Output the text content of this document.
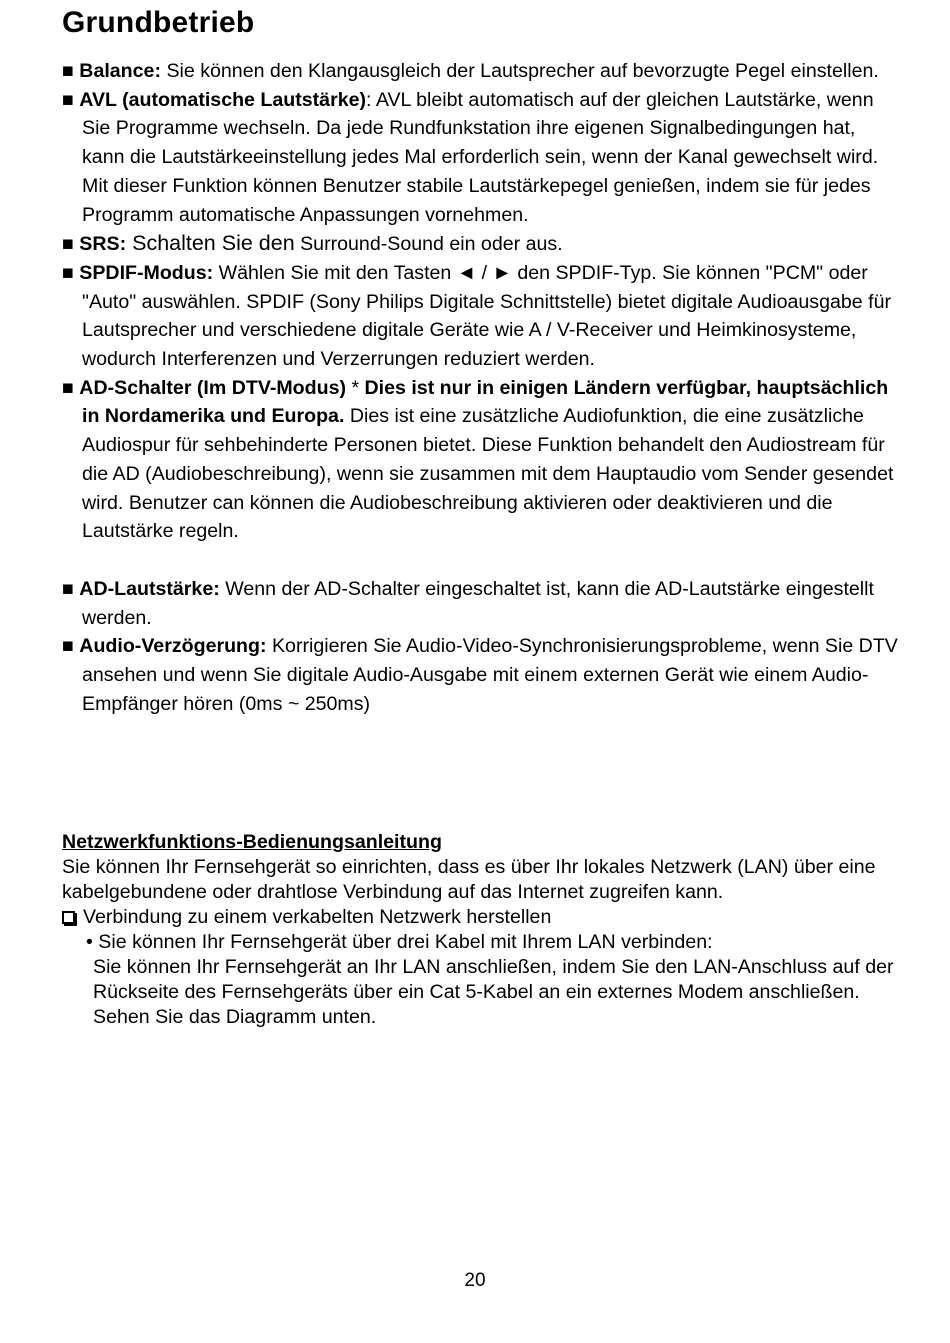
Grundbetrieb
■ Balance: Sie können den Klangausgleich der Lautsprecher auf bevorzugte Pegel einstellen.
■ AVL (automatische Lautstärke): AVL bleibt automatisch auf der gleichen Lautstärke, wenn Sie Programme wechseln. Da jede Rundfunkstation ihre eigenen Signalbedingungen hat, kann die Lautstärkeeinstellung jedes Mal erforderlich sein, wenn der Kanal gewechselt wird. Mit dieser Funktion können Benutzer stabile Lautstärkepegel genießen, indem sie für jedes Programm automatische Anpassungen vornehmen.
■ SRS: Schalten Sie den Surround-Sound ein oder aus.
■ SPDIF-Modus: Wählen Sie mit den Tasten ◄ / ► den SPDIF-Typ. Sie können "PCM" oder "Auto" auswählen. SPDIF (Sony Philips Digitale Schnittstelle) bietet digitale Audioausgabe für Lautsprecher und verschiedene digitale Geräte wie A / V-Receiver und Heimkinosysteme, wodurch Interferenzen und Verzerrungen reduziert werden.
■ AD-Schalter (Im DTV-Modus) * Dies ist nur in einigen Ländern verfügbar, hauptsächlich in Nordamerika und Europa. Dies ist eine zusätzliche Audiofunktion, die eine zusätzliche Audiospur für sehbehinderte Personen bietet. Diese Funktion behandelt den Audiostream für die AD (Audiobeschreibung), wenn sie zusammen mit dem Hauptaudio vom Sender gesendet wird. Benutzer can können die Audiobeschreibung aktivieren oder deaktivieren und die Lautstärke regeln.
■ AD-Lautstärke: Wenn der AD-Schalter eingeschaltet ist, kann die AD-Lautstärke eingestellt werden.
■ Audio-Verzögerung: Korrigieren Sie Audio-Video-Synchronisierungsprobleme, wenn Sie DTV ansehen und wenn Sie digitale Audio-Ausgabe mit einem externen Gerät wie einem Audio-Empfänger hören (0ms ~ 250ms)
Netzwerkfunktions-Bedienungsanleitung
Sie können Ihr Fernsehgerät so einrichten, dass es über Ihr lokales Netzwerk (LAN) über eine kabelgebundene oder drahtlose Verbindung auf das Internet zugreifen kann.
Verbindung zu einem verkabelten Netzwerk herstellen
• Sie können Ihr Fernsehgerät über drei Kabel mit Ihrem LAN verbinden:
Sie können Ihr Fernsehgerät an Ihr LAN anschließen, indem Sie den LAN-Anschluss auf der Rückseite des Fernsehgeräts über ein Cat 5-Kabel an ein externes Modem anschließen. Sehen Sie das Diagramm unten.
20
